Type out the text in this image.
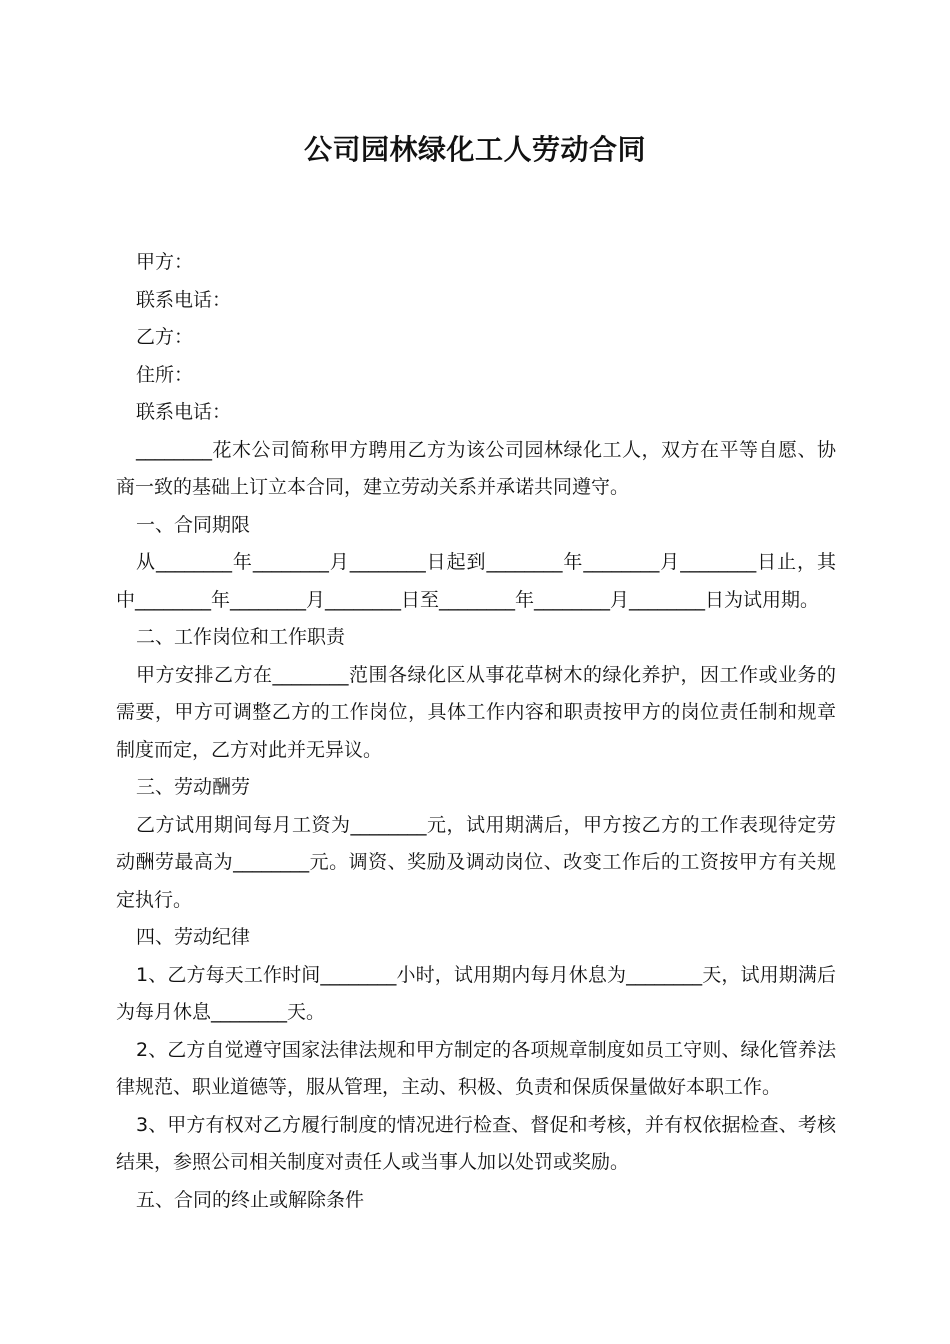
公司园林绿化工人劳动合同

甲方：

联系电话：

乙方：

住所：

联系电话：

________花木公司简称甲方聘用乙方为该公司园林绿化工人，双方在平等自愿、协商一致的基础上订立本合同，建立劳动关系并承诺共同遵守。

一、合同期限

从________年________月________日起到________年________月________日止，其中________年________月________日至________年________月________日为试用期。

二、工作岗位和工作职责

甲方安排乙方在________范围各绿化区从事花草树木的绿化养护，因工作或业务的需要，甲方可调整乙方的工作岗位，具体工作内容和职责按甲方的岗位责任制和规章制度而定，乙方对此并无异议。

三、劳动酬劳

乙方试用期间每月工资为________元，试用期满后，甲方按乙方的工作表现待定劳动酬劳最高为________元。调资、奖励及调动岗位、改变工作后的工资按甲方有关规定执行。

四、劳动纪律

1、乙方每天工作时间________小时，试用期内每月休息为________天，试用期满后为每月休息________天。

2、乙方自觉遵守国家法律法规和甲方制定的各项规章制度如员工守则、绿化管养法律规范、职业道德等，服从管理，主动、积极、负责和保质保量做好本职工作。

3、甲方有权对乙方履行制度的情况进行检查、督促和考核，并有权依据检查、考核结果，参照公司相关制度对责任人或当事人加以处罚或奖励。

五、合同的终止或解除条件
